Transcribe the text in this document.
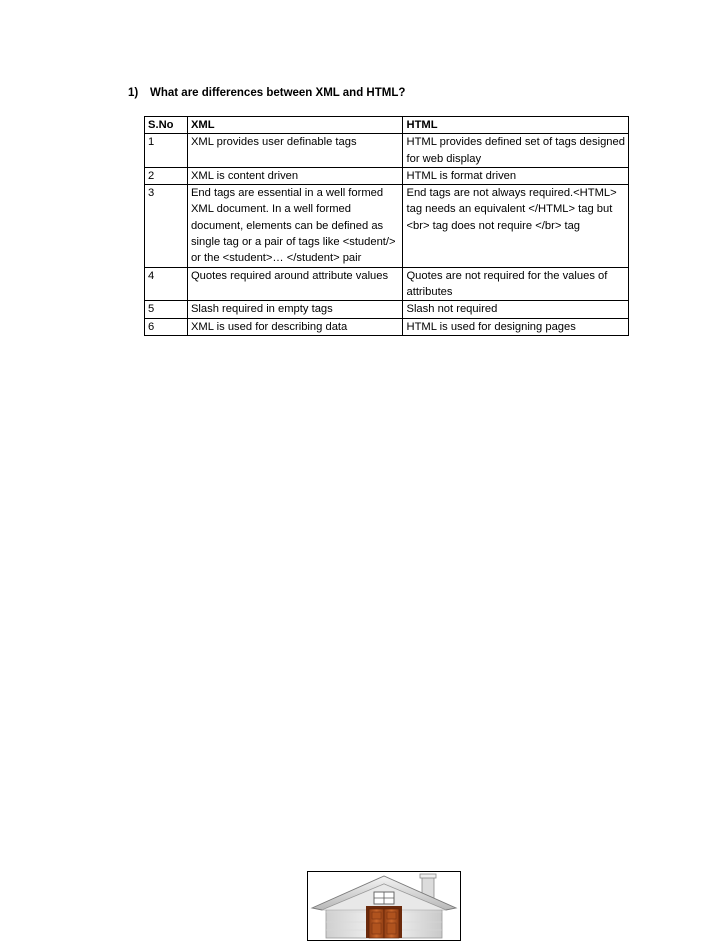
1) What are differences between XML and HTML?
S.No	XML	HTML
1	XML provides user definable tags	HTML provides defined set of tags designed for web display
2	XML is content driven	HTML is format driven
3	End tags are essential in a well formed XML document. In a well formed document, elements can be defined as single tag or a pair of tags like <student/> or the <student>… </student> pair	End tags are not always required.<HTML> tag needs an equivalent </HTML> tag but <br> tag does not require </br> tag
4	Quotes required around attribute values	Quotes are not required for the values of attributes
5	Slash required in empty tags	Slash not required
6	XML is used for describing data	HTML is used for designing pages
